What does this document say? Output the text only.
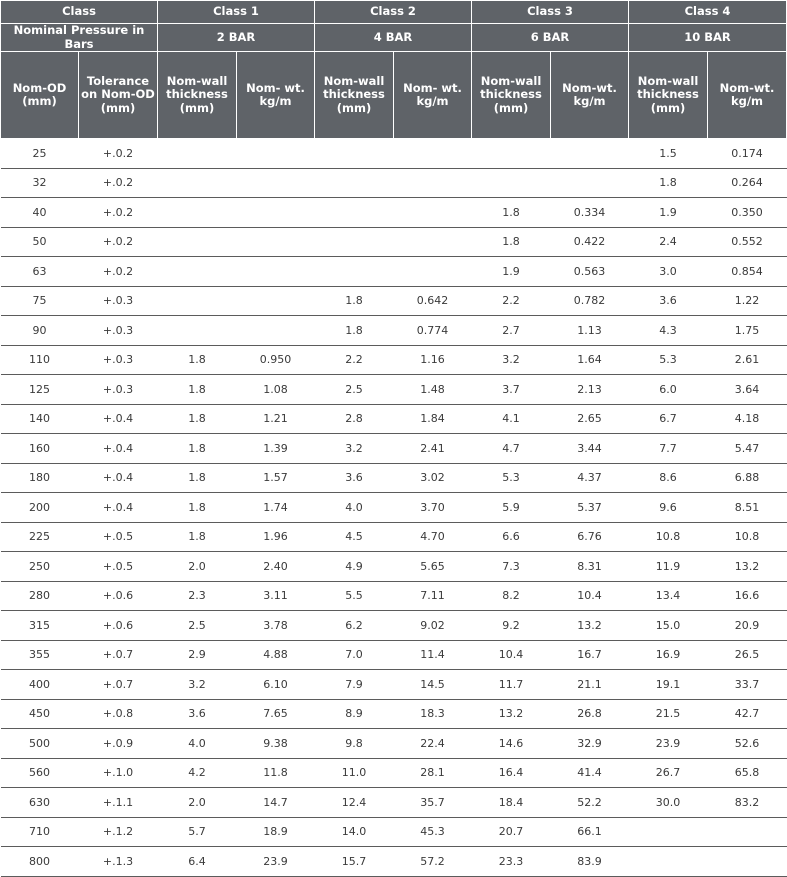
Class		Class 1		Class 2		Class 3		Class 4	
Nominal Pressure in Bars		2 BAR		4 BAR		6 BAR		10 BAR	
Nom-OD (mm)	Tolerance on Nom-OD (mm)	Nom-wall thickness (mm)	Nom- wt. kg/m	Nom-wall thickness (mm)	Nom- wt. kg/m	Nom-wall thickness (mm)	Nom-wt. kg/m	Nom-wall thickness (mm)	Nom-wt. kg/m
25	+.0.2							1.5	0.174
32	+.0.2							1.8	0.264
40	+.0.2					1.8	0.334	1.9	0.350
50	+.0.2					1.8	0.422	2.4	0.552
63	+.0.2					1.9	0.563	3.0	0.854
75	+.0.3			1.8	0.642	2.2	0.782	3.6	1.22
90	+.0.3			1.8	0.774	2.7	1.13	4.3	1.75
110	+.0.3	1.8	0.950	2.2	1.16	3.2	1.64	5.3	2.61
125	+.0.3	1.8	1.08	2.5	1.48	3.7	2.13	6.0	3.64
140	+.0.4	1.8	1.21	2.8	1.84	4.1	2.65	6.7	4.18
160	+.0.4	1.8	1.39	3.2	2.41	4.7	3.44	7.7	5.47
180	+.0.4	1.8	1.57	3.6	3.02	5.3	4.37	8.6	6.88
200	+.0.4	1.8	1.74	4.0	3.70	5.9	5.37	9.6	8.51
225	+.0.5	1.8	1.96	4.5	4.70	6.6	6.76	10.8	10.8
250	+.0.5	2.0	2.40	4.9	5.65	7.3	8.31	11.9	13.2
280	+.0.6	2.3	3.11	5.5	7.11	8.2	10.4	13.4	16.6
315	+.0.6	2.5	3.78	6.2	9.02	9.2	13.2	15.0	20.9
355	+.0.7	2.9	4.88	7.0	11.4	10.4	16.7	16.9	26.5
400	+.0.7	3.2	6.10	7.9	14.5	11.7	21.1	19.1	33.7
450	+.0.8	3.6	7.65	8.9	18.3	13.2	26.8	21.5	42.7
500	+.0.9	4.0	9.38	9.8	22.4	14.6	32.9	23.9	52.6
560	+.1.0	4.2	11.8	11.0	28.1	16.4	41.4	26.7	65.8
630	+.1.1	2.0	14.7	12.4	35.7	18.4	52.2	30.0	83.2
710	+.1.2	5.7	18.9	14.0	45.3	20.7	66.1		
800	+.1.3	6.4	23.9	15.7	57.2	23.3	83.9		
